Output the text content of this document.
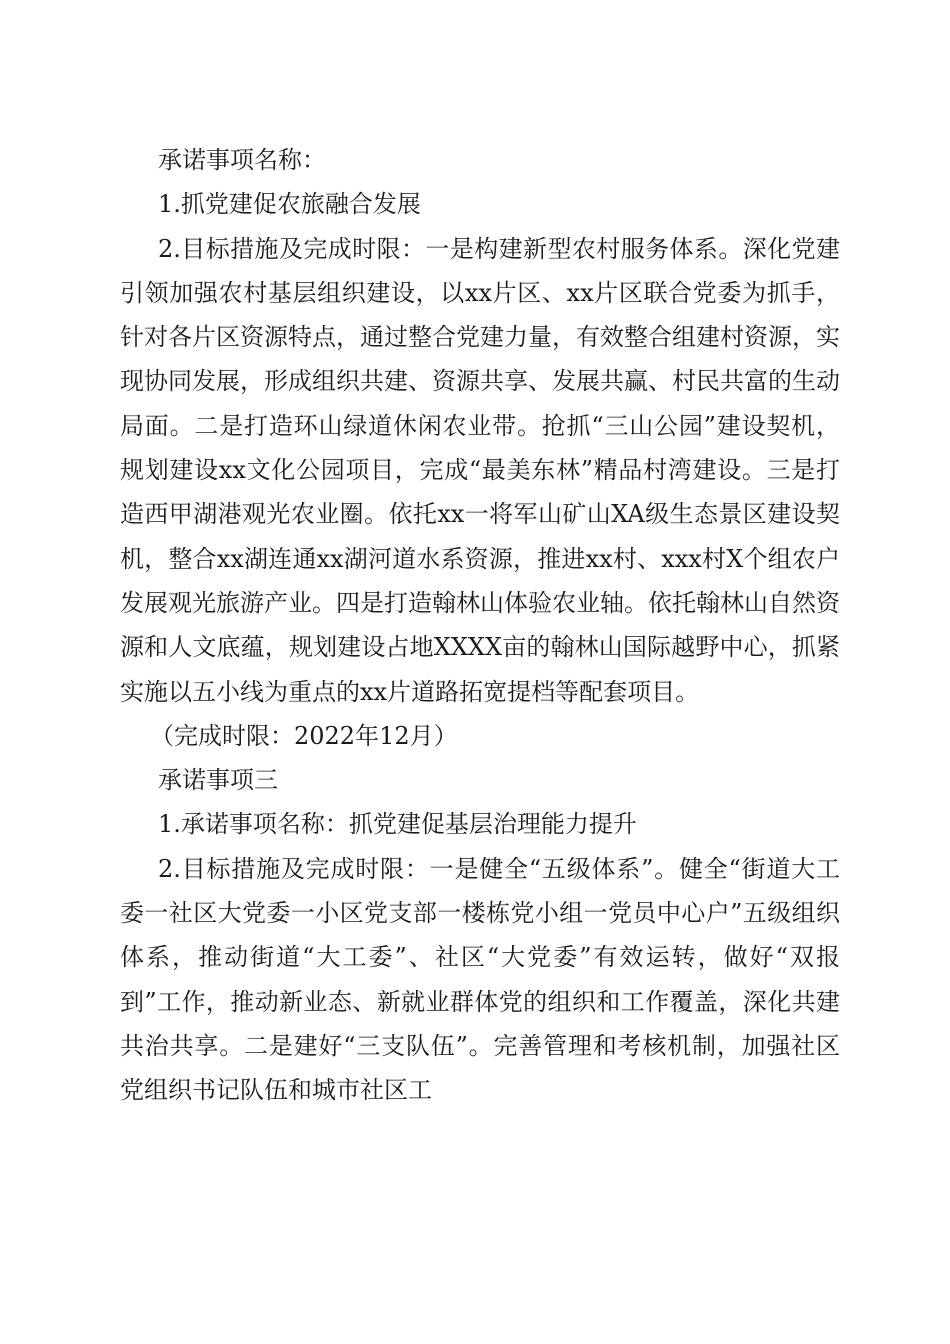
承诺事项名称：

1.抓党建促农旅融合发展

2.目标措施及完成时限：一是构建新型农村服务体系。深化党建引领加强农村基层组织建设，以xx片区、xx片区联合党委为抓手，针对各片区资源特点，通过整合党建力量，有效整合组建村资源，实现协同发展，形成组织共建、资源共享、发展共赢、村民共富的生动局面。二是打造环山绿道休闲农业带。抢抓“三山公园”建设契机，规划建设xx文化公园项目，完成“最美东林”精品村湾建设。三是打造西甲湖港观光农业圈。依托xx一将军山矿山XA级生态景区建设契机，整合xx湖连通xx湖河道水系资源，推进xx村、xxx村X个组农户发展观光旅游产业。四是打造翰林山体验农业轴。依托翰林山自然资源和人文底蕴，规划建设占地XXXX亩的翰林山国际越野中心，抓紧实施以五小线为重点的xx片道路拓宽提档等配套项目。

（完成时限：2022年12月）

承诺事项三

1.承诺事项名称：抓党建促基层治理能力提升

2.目标措施及完成时限：一是健全“五级体系”。健全“街道大工委一社区大党委一小区党支部一楼栋党小组一党员中心户”五级组织体系，推动街道“大工委”、社区“大党委”有效运转，做好“双报到”工作，推动新业态、新就业群体党的组织和工作覆盖，深化共建共治共享。二是建好“三支队伍”。完善管理和考核机制，加强社区党组织书记队伍和城市社区工
